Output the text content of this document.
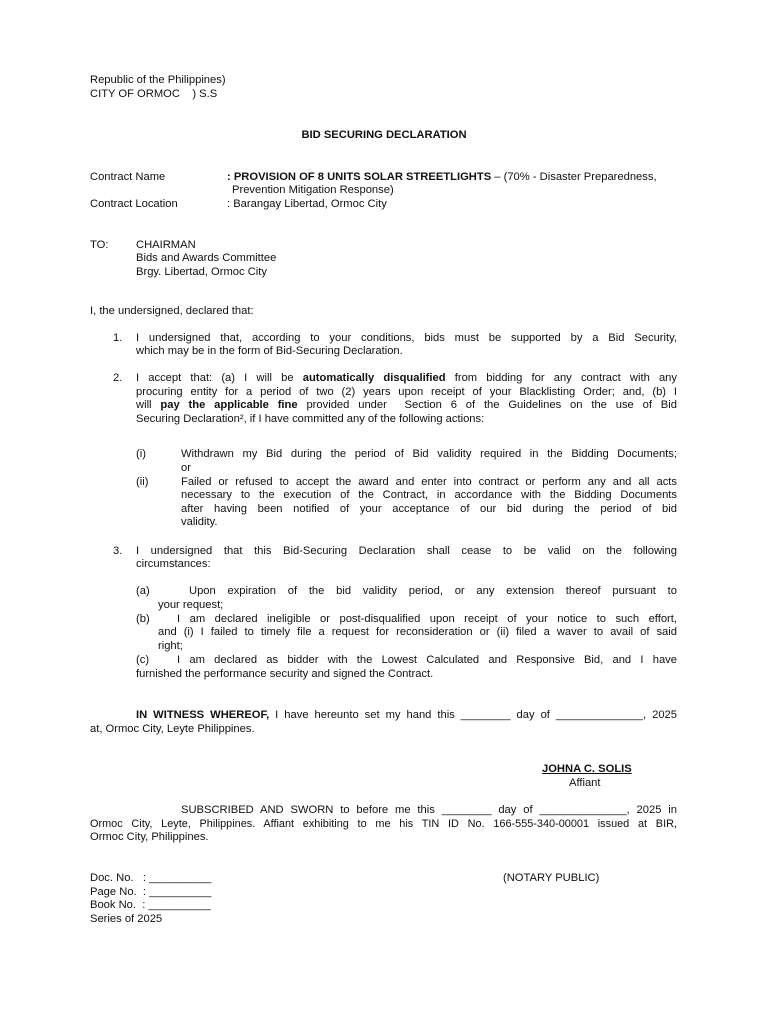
Republic of the Philippines)
CITY OF ORMOC    ) S.S
BID SECURING DECLARATION
Contract Name	: PROVISION OF 8 UNITS SOLAR STREETLIGHTS – (70% - Disaster Preparedness,
Prevention Mitigation Response)
Contract Location	: Barangay Libertad, Ormoc City
TO: CHAIRMAN
Bids and Awards Committee
Brgy. Libertad, Ormoc City
I, the undersigned, declared that:
1. I undersigned that, according to your conditions, bids must be supported by a Bid Security,
which may be in the form of Bid-Securing Declaration.
2. I accept that: (a) I will be automatically disqualified from bidding for any contract with any
procuring entity for a period of two (2) years upon receipt of your Blacklisting Order; and, (b) I
will pay the applicable fine provided under  Section 6 of the Guidelines on the use of Bid
Securing Declaration², if I have committed any of the following actions:
(i)	Withdrawn my Bid during the period of Bid validity required in the Bidding Documents;
or
(ii)	Failed or refused to accept the award and enter into contract or perform any and all acts
necessary to the execution of the Contract, in accordance with the Bidding Documents
after having been notified of your acceptance of our bid during the period of bid
validity.
3. I undersigned that this Bid-Securing Declaration shall cease to be valid on the following
circumstances:
(a)	Upon expiration of the bid validity period, or any extension thereof pursuant to
your request;
(b) I am declared ineligible or post-disqualified upon receipt of your notice to such effort,
and (i) I failed to timely file a request for reconsideration or (ii) filed a waver to avail of said
right;
(c) I am declared as bidder with the Lowest Calculated and Responsive Bid, and I have
furnished the performance security and signed the Contract.
IN WITNESS WHEREOF, I have hereunto set my hand this ________ day of ______________, 2025
at, Ormoc City, Leyte Philippines.
JOHNA C. SOLIS
Affiant
SUBSCRIBED AND SWORN to before me this ________ day of ______________, 2025 in
Ormoc City, Leyte, Philippines. Affiant exhibiting to me his TIN ID No. 166-555-340-00001 issued at BIR,
Ormoc City, Philippines.
Doc. No.   : __________
Page No.  : __________
Book No.  : __________
Series of 2025
(NOTARY PUBLIC)
